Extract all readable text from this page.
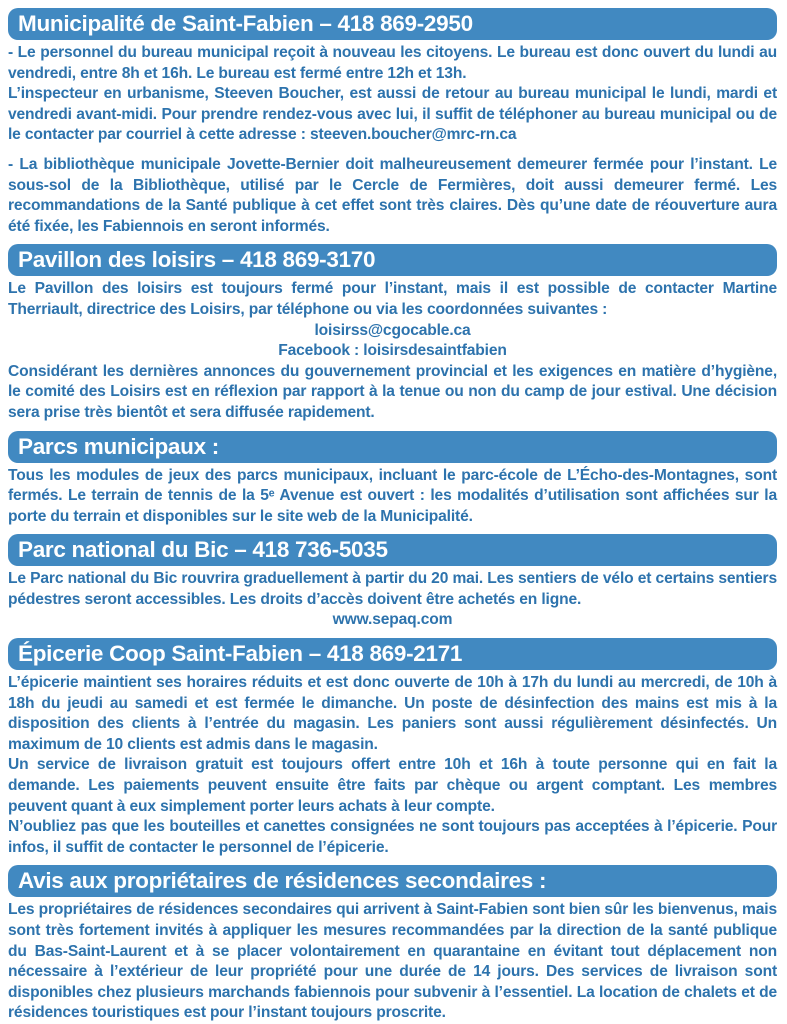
Municipalité de Saint-Fabien – 418 869-2950

- Le personnel du bureau municipal reçoit à nouveau les citoyens. Le bureau est donc ouvert du lundi au vendredi, entre 8h et 16h. Le bureau est fermé entre 12h et 13h.

L’inspecteur en urbanisme, Steeven Boucher, est aussi de retour au bureau municipal le lundi, mardi et vendredi avant-midi. Pour prendre rendez-vous avec lui, il suffit de téléphoner au bureau municipal ou de le contacter par courriel à cette adresse : steeven.boucher@mrc-rn.ca

- La bibliothèque municipale Jovette-Bernier doit malheureusement demeurer fermée pour l’instant. Le sous-sol de la Bibliothèque, utilisé par le Cercle de Fermières, doit aussi demeurer fermé. Les recommandations de la Santé publique à cet effet sont très claires. Dès qu’une date de réouverture aura été fixée, les Fabiennois en seront informés.

Pavillon des loisirs – 418 869-3170

Le Pavillon des loisirs est toujours fermé pour l’instant, mais il est possible de contacter Martine Therriault, directrice des Loisirs, par téléphone ou via les coordonnées suivantes :

loisirss@cgocable.ca

Facebook : loisirsdesaintfabien

Considérant les dernières annonces du gouvernement provincial et les exigences en matière d’hygiène, le comité des Loisirs est en réflexion par rapport à la tenue ou non du camp de jour estival. Une décision sera prise très bientôt et sera diffusée rapidement.

Parcs municipaux :

Tous les modules de jeux des parcs municipaux, incluant le parc-école de L’Écho-des-Montagnes, sont fermés. Le terrain de tennis de la 5ᵉ Avenue est ouvert : les modalités d’utilisation sont affichées sur la porte du terrain et disponibles sur le site web de la Municipalité.

Parc national du Bic – 418 736-5035

Le Parc national du Bic rouvrira graduellement à partir du 20 mai. Les sentiers de vélo et certains sentiers pédestres seront accessibles. Les droits d’accès doivent être achetés en ligne.

www.sepaq.com

Épicerie Coop Saint-Fabien – 418 869-2171

L’épicerie maintient ses horaires réduits et est donc ouverte de 10h à 17h du lundi au mercredi, de 10h à 18h du jeudi au samedi et est fermée le dimanche. Un poste de désinfection des mains est mis à la disposition des clients à l’entrée du magasin. Les paniers sont aussi régulièrement désinfectés. Un maximum de 10 clients est admis dans le magasin.

Un service de livraison gratuit est toujours offert entre 10h et 16h à toute personne qui en fait la demande. Les paiements peuvent ensuite être faits par chèque ou argent comptant. Les membres peuvent quant à eux simplement porter leurs achats à leur compte.

N’oubliez pas que les bouteilles et canettes consignées ne sont toujours pas acceptées à l’épicerie. Pour infos, il suffit de contacter le personnel de l’épicerie.

Avis aux propriétaires de résidences secondaires :

Les propriétaires de résidences secondaires qui arrivent à Saint-Fabien sont bien sûr les bienvenus, mais sont très fortement invités à appliquer les mesures recommandées par la direction de la santé publique du Bas-Saint-Laurent et à se placer volontairement en quarantaine en évitant tout déplacement non nécessaire à l’extérieur de leur propriété pour une durée de 14 jours. Des services de livraison sont disponibles chez plusieurs marchands fabiennois pour subvenir à l’essentiel. La location de chalets et de résidences touristiques est pour l’instant toujours proscrite.
